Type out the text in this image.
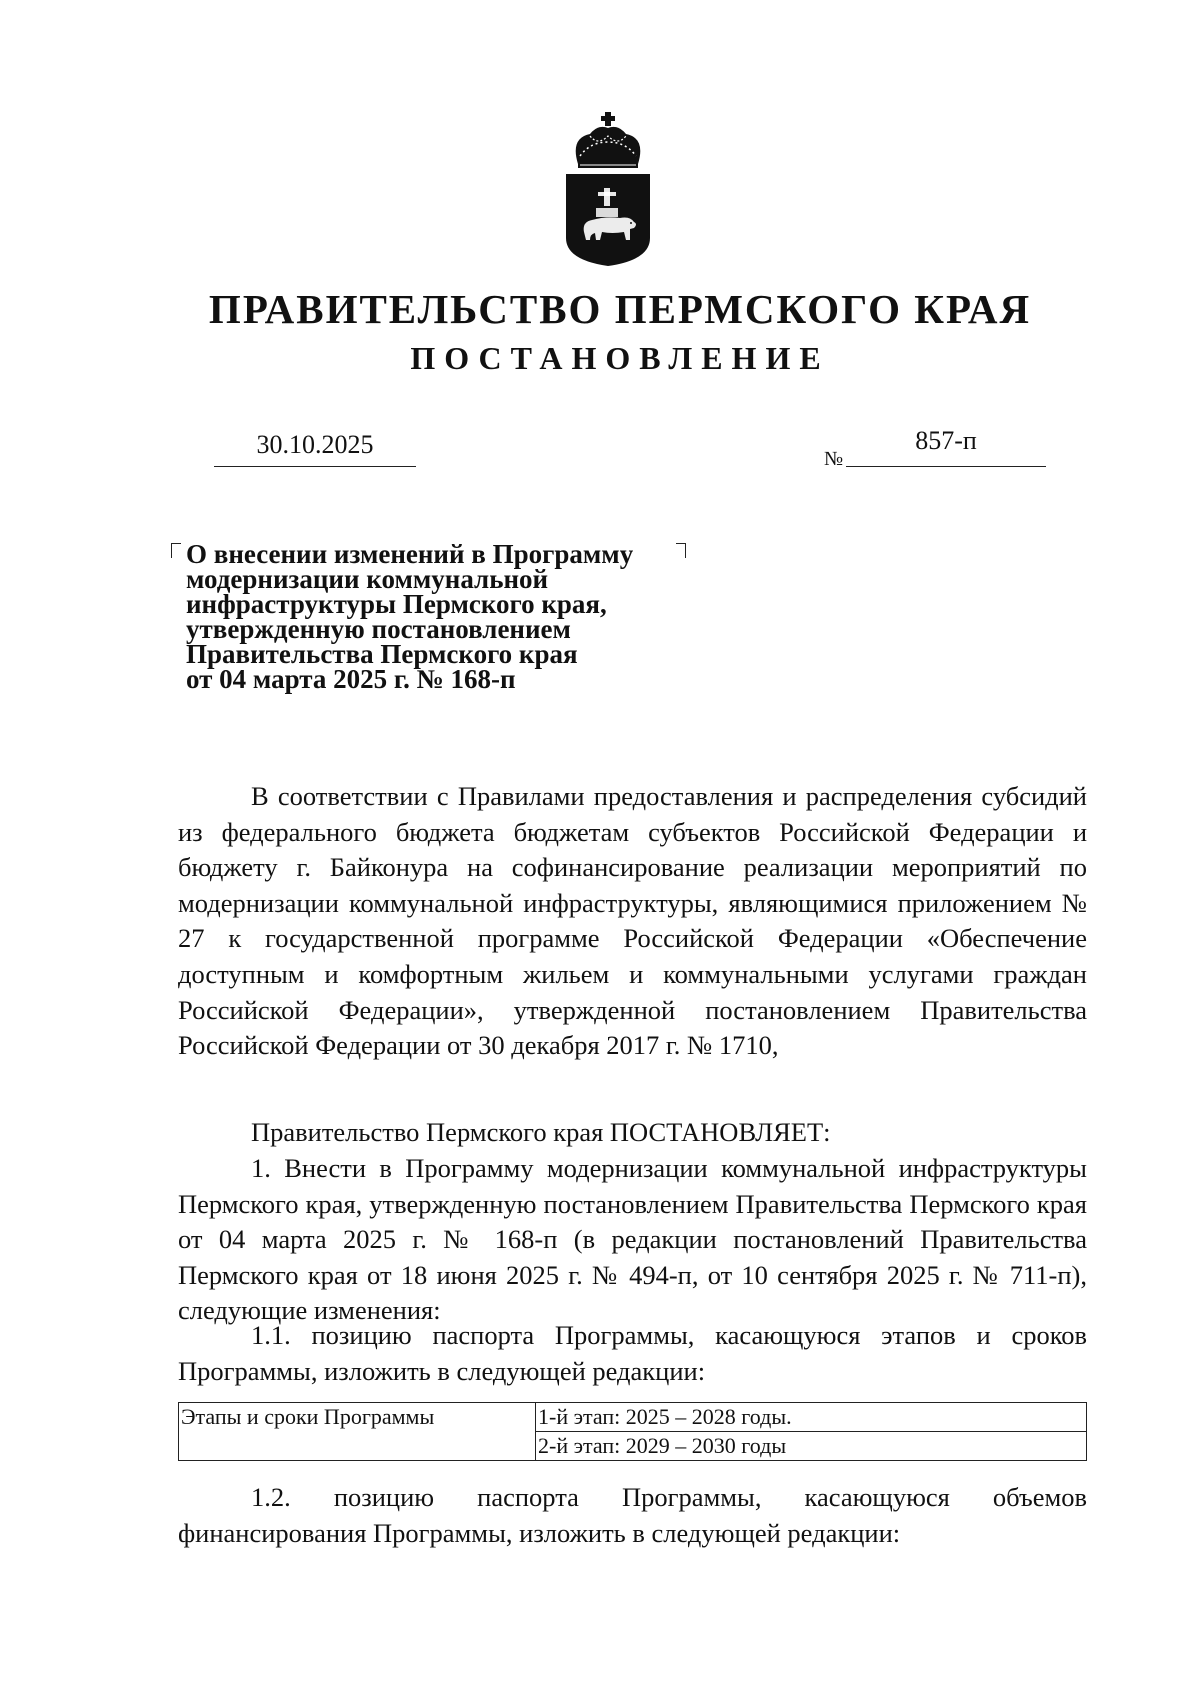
ПРАВИТЕЛЬСТВО ПЕРМСКОГО КРАЯ
ПОСТАНОВЛЕНИЕ
30.10.2025	№
857-п
О внесении изменений в Программу
модернизации коммунальной
инфраструктуры Пермского края,
утвержденную постановлением
Правительства Пермского края
от 04 марта 2025 г. № 168-п
В соответствии с Правилами предоставления и распределения субсидий из федерального бюджета бюджетам субъектов Российской Федерации и бюджету г. Байконура на софинансирование реализации мероприятий по модернизации коммунальной инфраструктуры, являющимися приложением № 27 к государственной программе Российской Федерации «Обеспечение доступным и комфортным жильем и коммунальными услугами граждан Российской Федерации», утвержденной постановлением Правительства Российской Федерации от 30 декабря 2017 г. № 1710,
Правительство Пермского края ПОСТАНОВЛЯЕТ:
1. Внести в Программу модернизации коммунальной инфраструктуры Пермского края, утвержденную постановлением Правительства Пермского края от 04 марта 2025 г. № 168-п (в редакции постановлений Правительства Пермского края от 18 июня 2025 г. № 494-п, от 10 сентября 2025 г. № 711-п), следующие изменения:
1.1. позицию паспорта Программы, касающуюся этапов и сроков Программы, изложить в следующей редакции:
Этапы и сроки Программы	1-й этап: 2025 – 2028 годы.
2-й этап: 2029 – 2030 годы
1.2. позицию паспорта Программы, касающуюся объемов финансирования Программы, изложить в следующей редакции:
